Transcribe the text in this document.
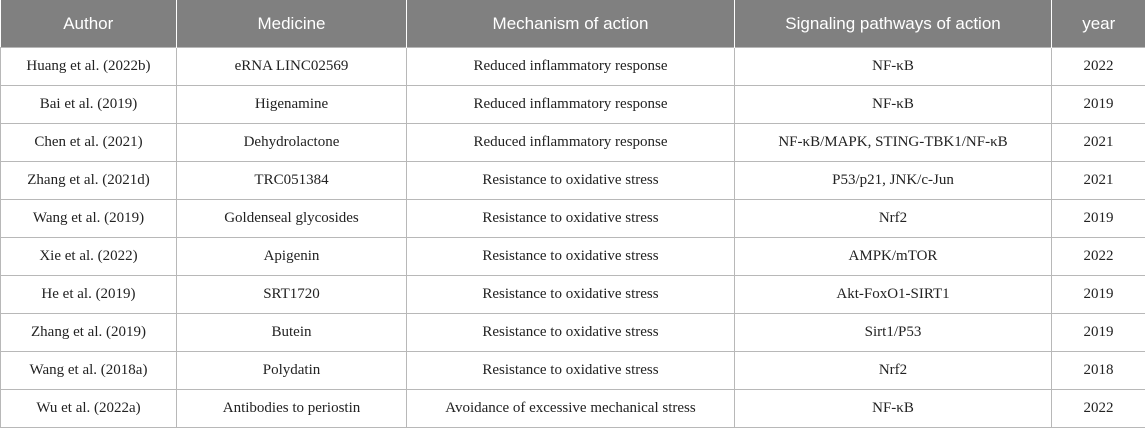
Author	Medicine	Mechanism of action	Signaling pathways of action	year
Huang et al. (2022b)	eRNA LINC02569	Reduced inflammatory response	NF-κB	2022
Bai et al. (2019)	Higenamine	Reduced inflammatory response	NF-κB	2019
Chen et al. (2021)	Dehydrolactone	Reduced inflammatory response	NF-κB/MAPK, STING-TBK1/NF-κB	2021
Zhang et al. (2021d)	TRC051384	Resistance to oxidative stress	P53/p21, JNK/c-Jun	2021
Wang et al. (2019)	Goldenseal glycosides	Resistance to oxidative stress	Nrf2	2019
Xie et al. (2022)	Apigenin	Resistance to oxidative stress	AMPK/mTOR	2022
He et al. (2019)	SRT1720	Resistance to oxidative stress	Akt-FoxO1-SIRT1	2019
Zhang et al. (2019)	Butein	Resistance to oxidative stress	Sirt1/P53	2019
Wang et al. (2018a)	Polydatin	Resistance to oxidative stress	Nrf2	2018
Wu et al. (2022a)	Antibodies to periostin	Avoidance of excessive mechanical stress	NF-κB	2022
